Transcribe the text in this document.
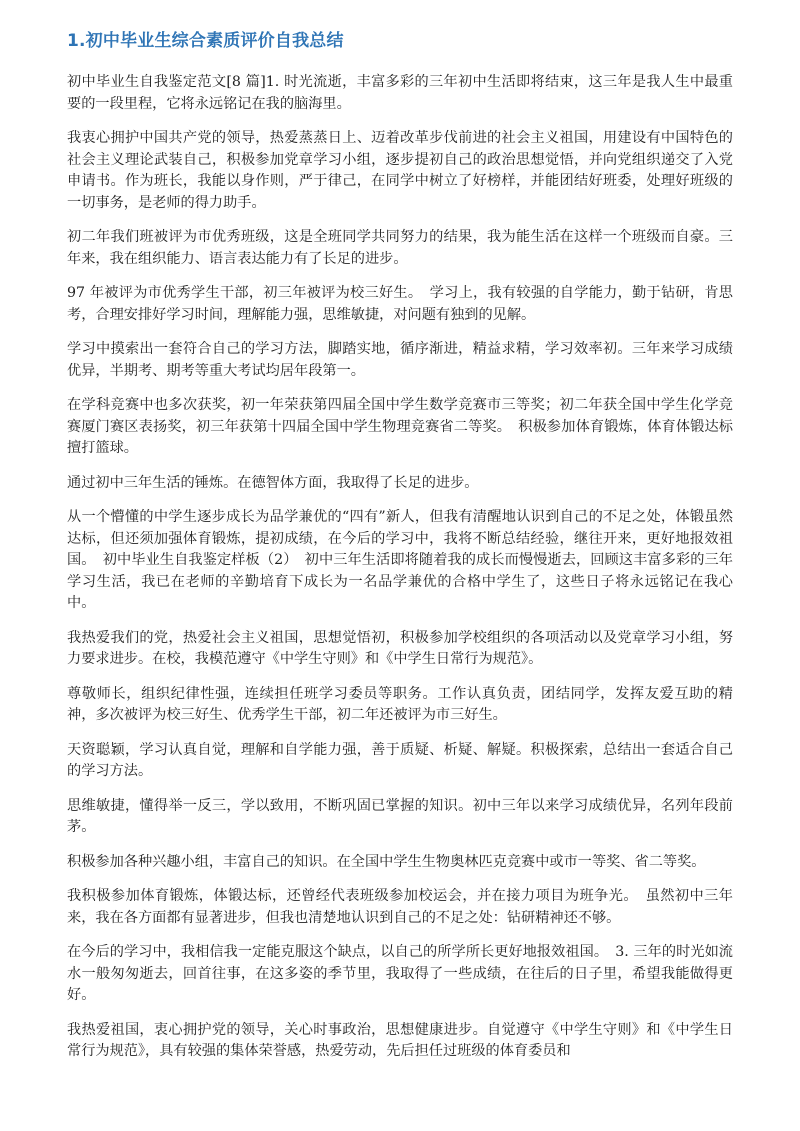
1.初中毕业生综合素质评价自我总结

初中毕业生自我鉴定范文[8 篇]1. 时光流逝，丰富多彩的三年初中生活即将结束，这三年是我人生中最重要的一段里程，它将永远铭记在我的脑海里。

我衷心拥护中国共产党的领导，热爱蒸蒸日上、迈着改革步伐前进的社会主义祖国，用建设有中国特色的社会主义理论武装自己，积极参加党章学习小组，逐步提初自己的政治思想觉悟，并向党组织递交了入党申请书。作为班长，我能以身作则，严于律己，在同学中树立了好榜样，并能团结好班委，处理好班级的一切事务，是老师的得力助手。

初二年我们班被评为市优秀班级，这是全班同学共同努力的结果，我为能生活在这样一个班级而自豪。三年来，我在组织能力、语言表达能力有了长足的进步。

97 年被评为市优秀学生干部，初三年被评为校三好生。　学习上，我有较强的自学能力，勤于钻研，肯思考，合理安排好学习时间，理解能力强，思维敏捷，对问题有独到的见解。

学习中摸索出一套符合自己的学习方法，脚踏实地，循序渐进，精益求精，学习效率初。三年来学习成绩优异，半期考、期考等重大考试均居年段第一。

在学科竞赛中也多次获奖，初一年荣获第四届全国中学生数学竞赛市三等奖；初二年获全国中学生化学竞赛厦门赛区表扬奖，初三年获第十四届全国中学生物理竞赛省二等奖。　积极参加体育锻炼，体育体锻达标擅打篮球。

通过初中三年生活的锤炼。在德智体方面，我取得了长足的进步。

从一个懵懂的中学生逐步成长为品学兼优的“四有”新人，但我有清醒地认识到自己的不足之处，体锻虽然达标，但还须加强体育锻炼，提初成绩，在今后的学习中，我将不断总结经验，继往开来，更好地报效祖国。　初中毕业生自我鉴定样板（2）　初中三年生活即将随着我的成长而慢慢逝去，回顾这丰富多彩的三年学习生活，我已在老师的辛勤培育下成长为一名品学兼优的合格中学生了，这些日子将永远铭记在我心中。

我热爱我们的党，热爱社会主义祖国，思想觉悟初，积极参加学校组织的各项活动以及党章学习小组，努力要求进步。在校，我模范遵守《中学生守则》和《中学生日常行为规范》。

尊敬师长，组织纪律性强，连续担任班学习委员等职务。工作认真负责，团结同学，发挥友爱互助的精神，多次被评为校三好生、优秀学生干部，初二年还被评为市三好生。

天资聪颖，学习认真自觉，理解和自学能力强，善于质疑、析疑、解疑。积极探索，总结出一套适合自己的学习方法。

思维敏捷，懂得举一反三，学以致用，不断巩固已掌握的知识。初中三年以来学习成绩优异，名列年段前茅。

积极参加各种兴趣小组，丰富自己的知识。在全国中学生生物奥林匹克竞赛中或市一等奖、省二等奖。

我积极参加体育锻炼，体锻达标，还曾经代表班级参加校运会，并在接力项目为班争光。　虽然初中三年来，我在各方面都有显著进步，但我也清楚地认识到自己的不足之处：钻研精神还不够。

在今后的学习中，我相信我一定能克服这个缺点，以自己的所学所长更好地报效祖国。　3. 三年的时光如流水一般匆匆逝去，回首往事，在这多姿的季节里，我取得了一些成绩，在往后的日子里，希望我能做得更好。

我热爱祖国，衷心拥护党的领导，关心时事政治，思想健康进步。自觉遵守《中学生守则》和《中学生日常行为规范》，具有较强的集体荣誉感，热爱劳动，先后担任过班级的体育委员和
